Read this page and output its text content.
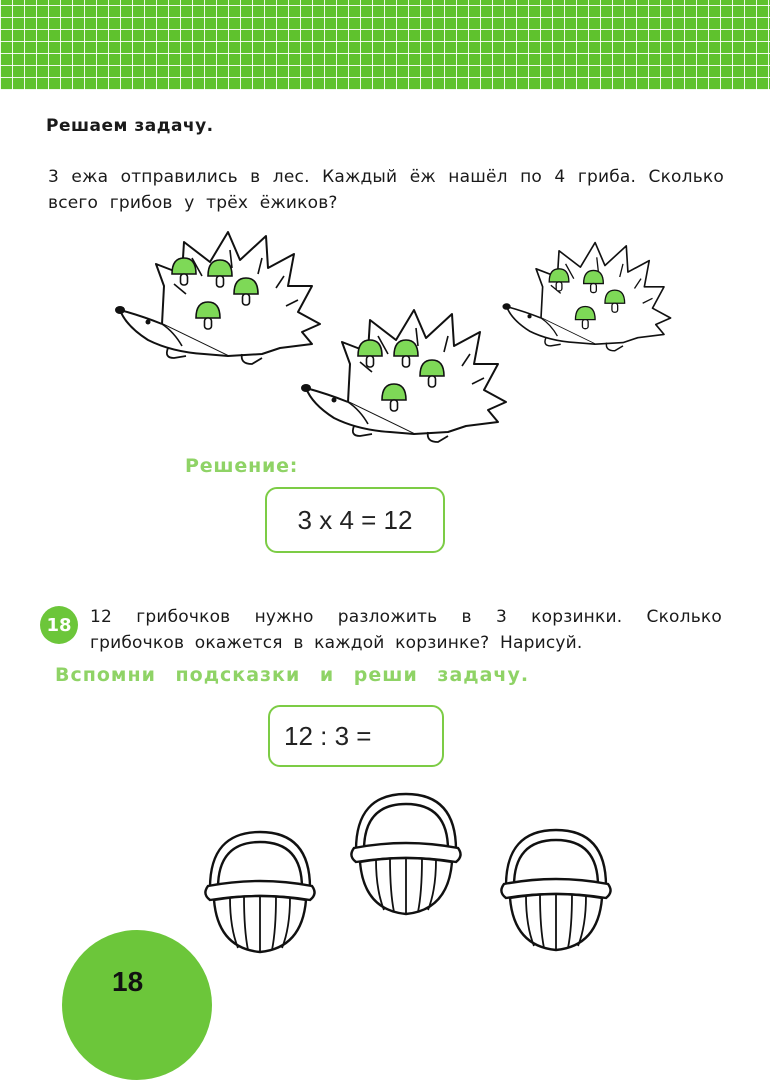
Решаем задачу.
3 ежа отправились в лес. Каждый ёж нашёл по 4 гриба. Сколько всего грибов у трёх ёжиков?
Решение:
3 х 4 = 12
18	12 грибочков нужно разложить в 3 корзинки. Сколько грибочков окажется в каждой корзинке? Нарисуй.
Вспомни подсказки и реши задачу.
12 : 3 =
18
